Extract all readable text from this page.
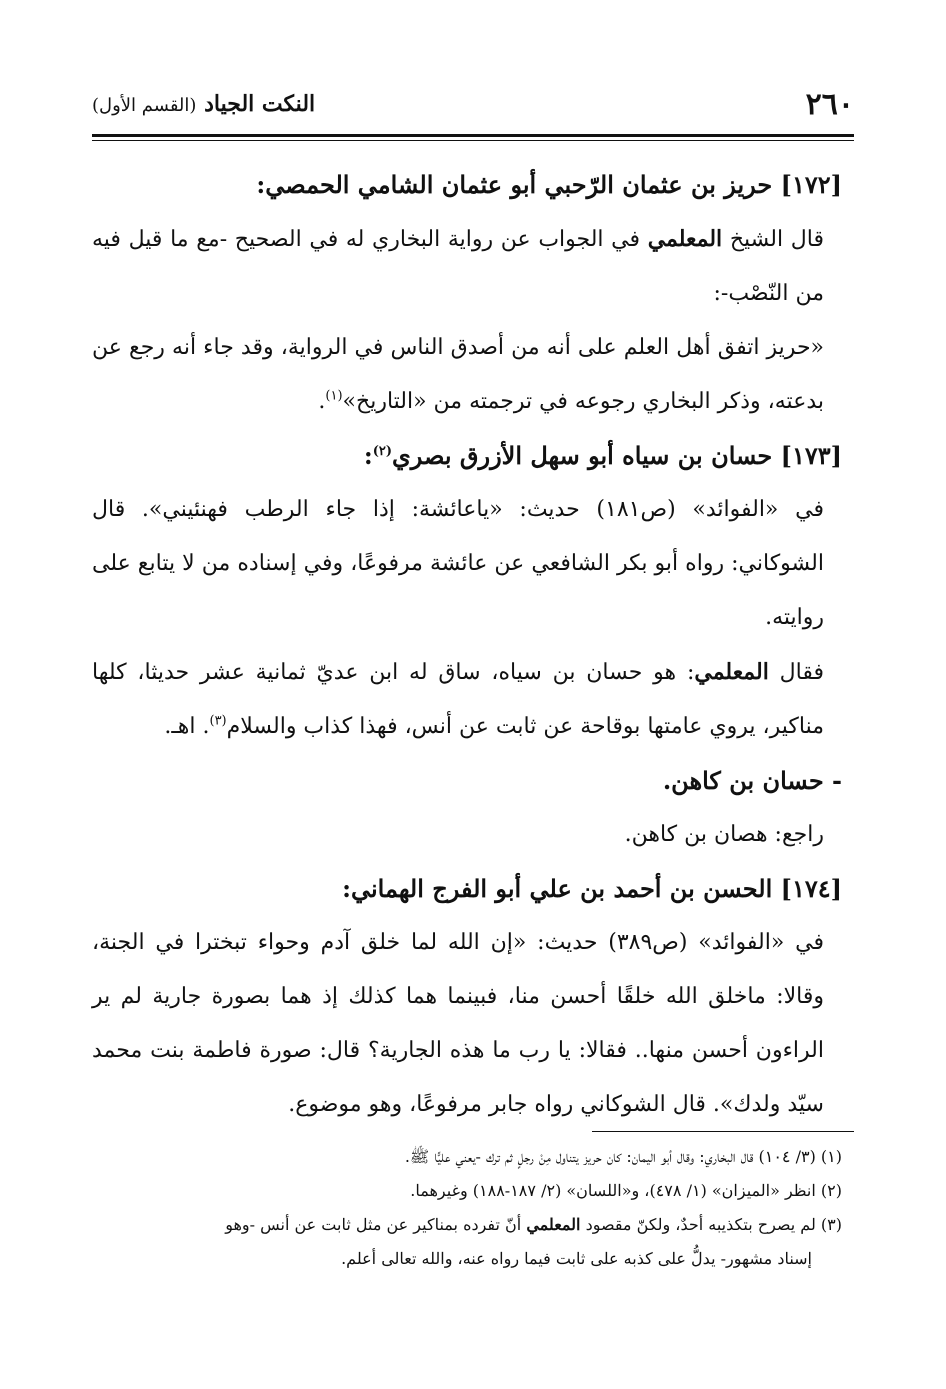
٢٦٠
النكت الجياد (القسم الأول)

[١٧٢] حريز بن عثمان الرّحبي أبو عثمان الشامي الحمصي:

قال الشيخ المعلمي في الجواب عن رواية البخاري له في الصحيح -مع ما قيل فيه من النّصْب-:

«حريز اتفق أهل العلم على أنه من أصدق الناس في الرواية، وقد جاء أنه رجع عن بدعته، وذكر البخاري رجوعه في ترجمته من «التاريخ»$^{(١)}$.

[١٧٣] حسان بن سياه أبو سهل الأزرق بصري$^{(٢)}$:

في «الفوائد» (ص١٨١) حديث: «ياعائشة: إذا جاء الرطب فهنئيني». قال الشوكاني: رواه أبو بكر الشافعي عن عائشة مرفوعًا، وفي إسناده من لا يتابع على روايته.

فقال المعلمي: هو حسان بن سياه، ساق له ابن عديّ ثمانية عشر حديثا، كلها مناكير، يروي عامتها بوقاحة عن ثابت عن أنس، فهذا كذاب والسلام$^{(٣)}$. اهـ.

- حسان بن كاهن.

راجع: هصان بن كاهن.

[١٧٤] الحسن بن أحمد بن علي أبو الفرج الهماني:

في «الفوائد» (ص٣٨٩) حديث: «إن الله لما خلق آدم وحواء تبخترا في الجنة، وقالا: ماخلق الله خلقًا أحسن منا، فبينما هما كذلك إذ هما بصورة جارية لم ير الراءون أحسن منها.. فقالا: يا رب ما هذه الجارية؟ قال: صورة فاطمة بنت محمد سيّد ولدك». قال الشوكاني رواه جابر مرفوعًا، وهو موضوع.

(١) (٣/ ١٠٤) قال البخاري: وقال أبو اليمان: كان حريز يتناول مِنْ رجلٍ ثم ترك -يعني عليًّا ﷺ.

(٢) انظر «الميزان» (١/ ٤٧٨)، و«اللسان» (٢/ ١٨٧-١٨٨) وغيرهما.

(٣) لم يصرح بتكذيبه أحدٌ، ولكنّ مقصود المعلمي أنّ تفرده بمناكير عن مثل ثابت عن أنس -وهو

إسناد مشهور- يدلُّ على كذبه على ثابت فيما رواه عنه، والله تعالى أعلم.
